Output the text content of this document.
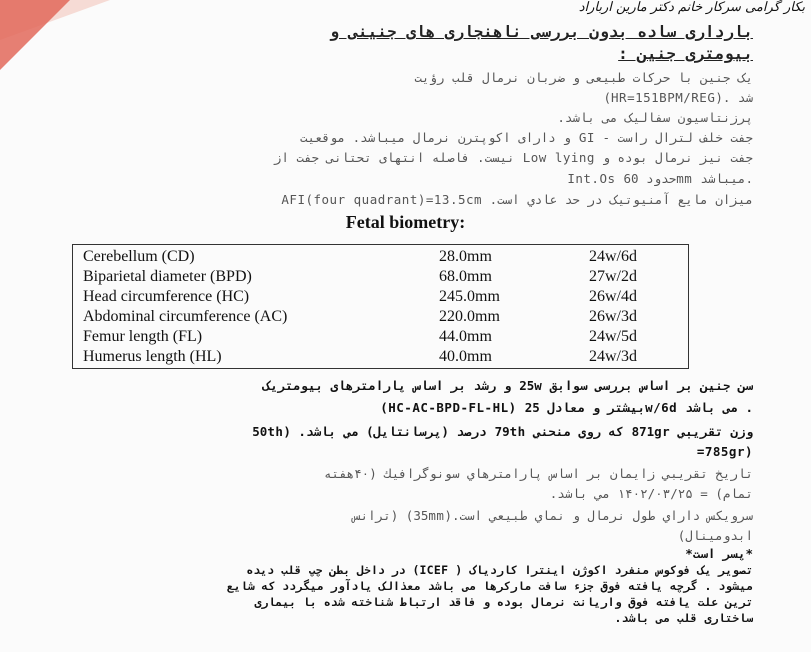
بکار گرامی سرکار خانم دکتر مارین ارباراد
بارداری ساده بدون بررسی ناهنجاری های جنینی و
بیومتری جنین :
یک جنین با حرکات طبیعی و ضربان نرمال قلب رؤیت
شد .(HR=151BPM/REG)
پرزنتاسیون سفالیک می باشد.
جفت خلف لترال راست - GI و دارای اکوپترن نرمال میباشد. موقعیت
جفت نیز نرمال بوده و Low lying نیست. فاصله انتهای تحتانی جفت از
Int.Os حدود 60mm میباشد.
میزان مایع آمنیوتیک در حد عادي است. AFI(four quadrant)=13.5cm
Fetal biometry:
Cerebellum (CD)	28.0mm	24w/6d
Biparietal diameter (BPD)	68.0mm	27w/2d
Head circumference (HC)	245.0mm	26w/4d
Abdominal circumference (AC)	220.0mm	26w/3d
Femur length (FL)	44.0mm	24w/5d
Humerus length (HL)	40.0mm	24w/3d
سن جنین بر اساس بررسی سوابق 25w و رشد بر اساس پارامترهای بیومتریک
(HC-AC-BPD-FL-HL) بیشتر و معادل 25w/6d می باشد .
وزن تقریبي 871gr كه روي منحني 79th درصد (پرسانتایل) مي باشد. (50th
=785gr)
تاریخ تقریبي زایمان بر اساس پارامترهاي سونوگرافیك (۴۰هفته
تمام) = ۱۴۰۲/۰۳/۲۵ مي باشد.
سرویکس داراي طول نرمال و نماي طبیعي است.(35mm) (ترانس
ابدومینال)
*پسر است*
تصویر یک فوکوس منفرد اکوژن اینترا کاردیاک ( ICEF) در داخل بطن چپ قلب دیده
میشود . گرچه یافته فوق جزء سافت مارکرها می باشد معذالک یادآور میگردد که شایع
ترین علت یافته فوق واریانت نرمال بوده و فاقد ارتباط شناخته شده با بیماری
ساختاری قلب می باشد.
